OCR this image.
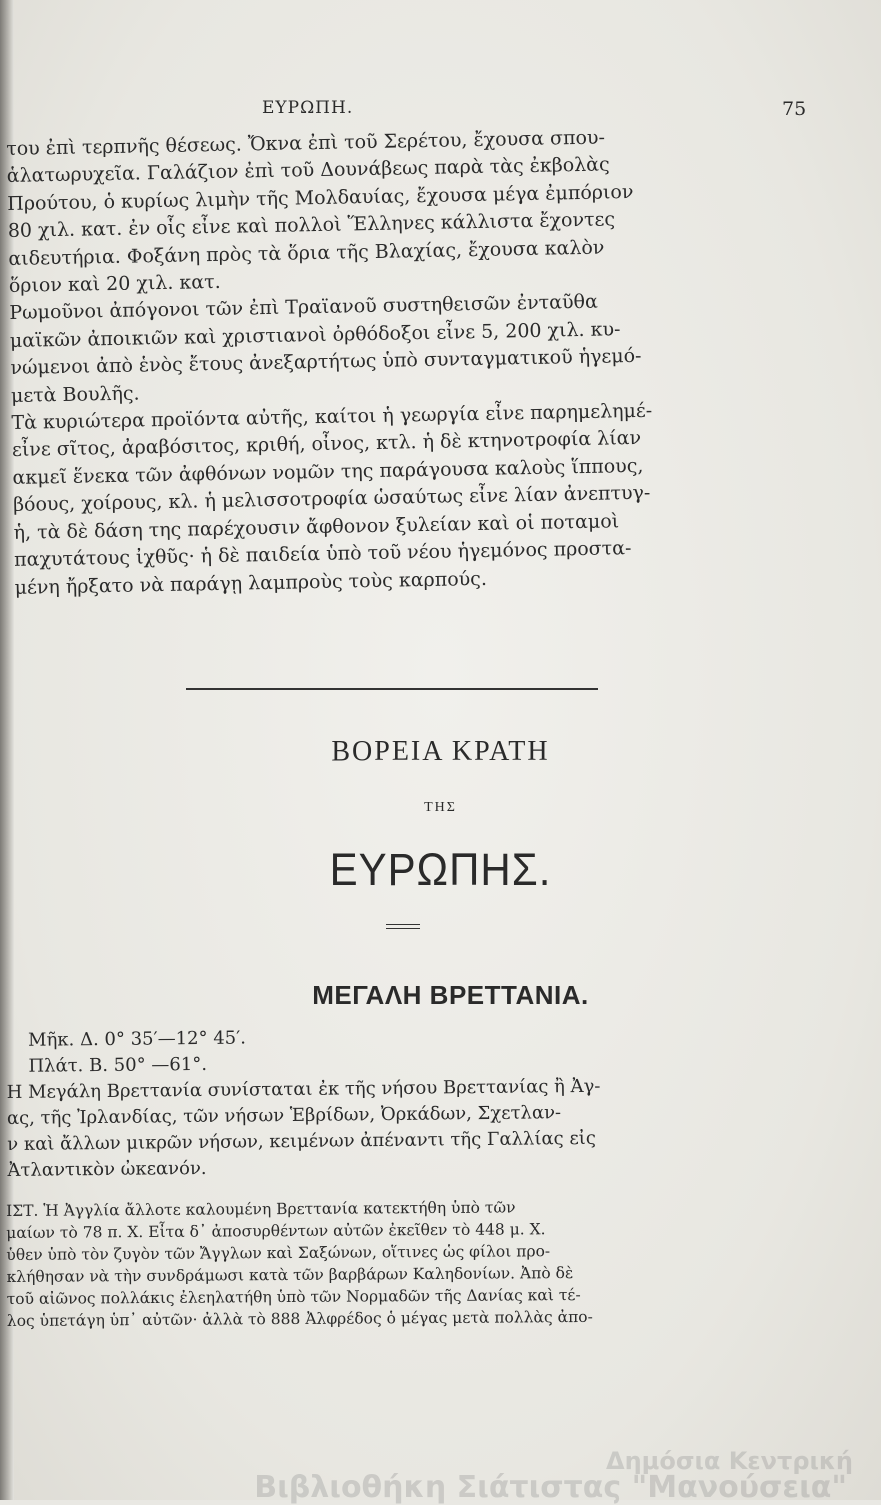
ΕΥΡΩΠΗ.	75
του ἐπὶ τερπνῆς θέσεως. Ὄκνα ἐπὶ τοῦ Σερέτου, ἔχουσα σπου-
ἁλατωρυχεῖα. Γαλάζιον ἐπὶ τοῦ Δουνάβεως παρὰ τὰς ἐκβολὰς
Προύτου, ὁ κυρίως λιμὴν τῆς Μολδαυίας, ἔχουσα μέγα ἐμπόριον
80 χιλ. κατ. ἐν οἷς εἶνε καὶ πολλοὶ Ἕλληνες κάλλιστα ἔχοντες
αιδευτήρια. Φοξάνη πρὸς τὰ ὅρια τῆς Βλαχίας, ἔχουσα καλὸν
ὅριον καὶ 20 χιλ. κατ.
Ρωμοῦνοι ἀπόγονοι τῶν ἐπὶ Τραϊανοῦ συστηθεισῶν ἐνταῦθα
μαϊκῶν ἀποικιῶν καὶ χριστιανοὶ ὀρθόδοξοι εἶνε 5, 200 χιλ. κυ-
νώμενοι ἀπὸ ἑνὸς ἔτους ἀνεξαρτήτως ὑπὸ συνταγματικοῦ ἡγεμό-
μετὰ Βουλῆς.
Τὰ κυριώτερα προϊόντα αὐτῆς, καίτοι ἡ γεωργία εἶνε παρημελημέ-
εἶνε σῖτος, ἀραβόσιτος, κριθή, οἶνος, κτλ. ἡ δὲ κτηνοτροφία λίαν
ακμεῖ ἕνεκα τῶν ἀφθόνων νομῶν της παράγουσα καλοὺς ἵππους,
βόους, χοίρους, κλ. ἡ μελισσοτροφία ὡσαύτως εἶνε λίαν ἀνεπτυγ-
ἡ, τὰ δὲ δάση της παρέχουσιν ἄφθονον ξυλείαν καὶ οἱ ποταμοὶ
παχυτάτους ἰχθῦς· ἡ δὲ παιδεία ὑπὸ τοῦ νέου ἡγεμόνος προστα-
μένη ἤρξατο νὰ παράγῃ λαμπροὺς τοὺς καρπούς.
ΒΟΡΕΙΑ ΚΡΑΤΗ
ΤΗΣ
ΕΥΡΩΠΗΣ.
ΜΕΓΑΛΗ ΒΡΕΤΤΑΝΙΑ.
Μῆκ. Δ. 0° 35′—12° 45′.
Πλάτ. Β. 50° —61°.
Η Μεγάλη Βρεττανία συνίσταται ἐκ τῆς νήσου Βρεττανίας ἢ Ἀγ-
ας, τῆς Ἰρλανδίας, τῶν νήσων Ἑβρίδων, Ὀρκάδων, Σχετλαν-
ν καὶ ἄλλων μικρῶν νήσων, κειμένων ἀπέναντι τῆς Γαλλίας εἰς
Ἀτλαντικὸν ὠκεανόν.
ΙΣΤ. Ἡ Ἀγγλία ἄλλοτε καλουμένη Βρεττανία κατεκτήθη ὑπὸ τῶν
μαίων τὸ 78 π. Χ. Εἶτα δ᾽ ἀποσυρθέντων αὐτῶν ἐκεῖθεν τὸ 448 μ. Χ.
ὑθεν ὑπὸ τὸν ζυγὸν τῶν Ἄγγλων καὶ Σαξώνων, οἵτινες ὡς φίλοι προ-
κλήθησαν νὰ τὴν συνδράμωσι κατὰ τῶν βαρβάρων Καληδονίων. Ἀπὸ δὲ
τοῦ αἰῶνος πολλάκις ἐλεηλατήθη ὑπὸ τῶν Νορμαδῶν τῆς Δανίας καὶ τέ-
λος ὑπετάγη ὑπ᾽ αὐτῶν· ἀλλὰ τὸ 888 Ἀλφρέδος ὁ μέγας μετὰ πολλὰς ἀπο-
Δημόσια Κεντρική
Βιβλιοθήκη Σιάτιστας "Μανούσεια"
